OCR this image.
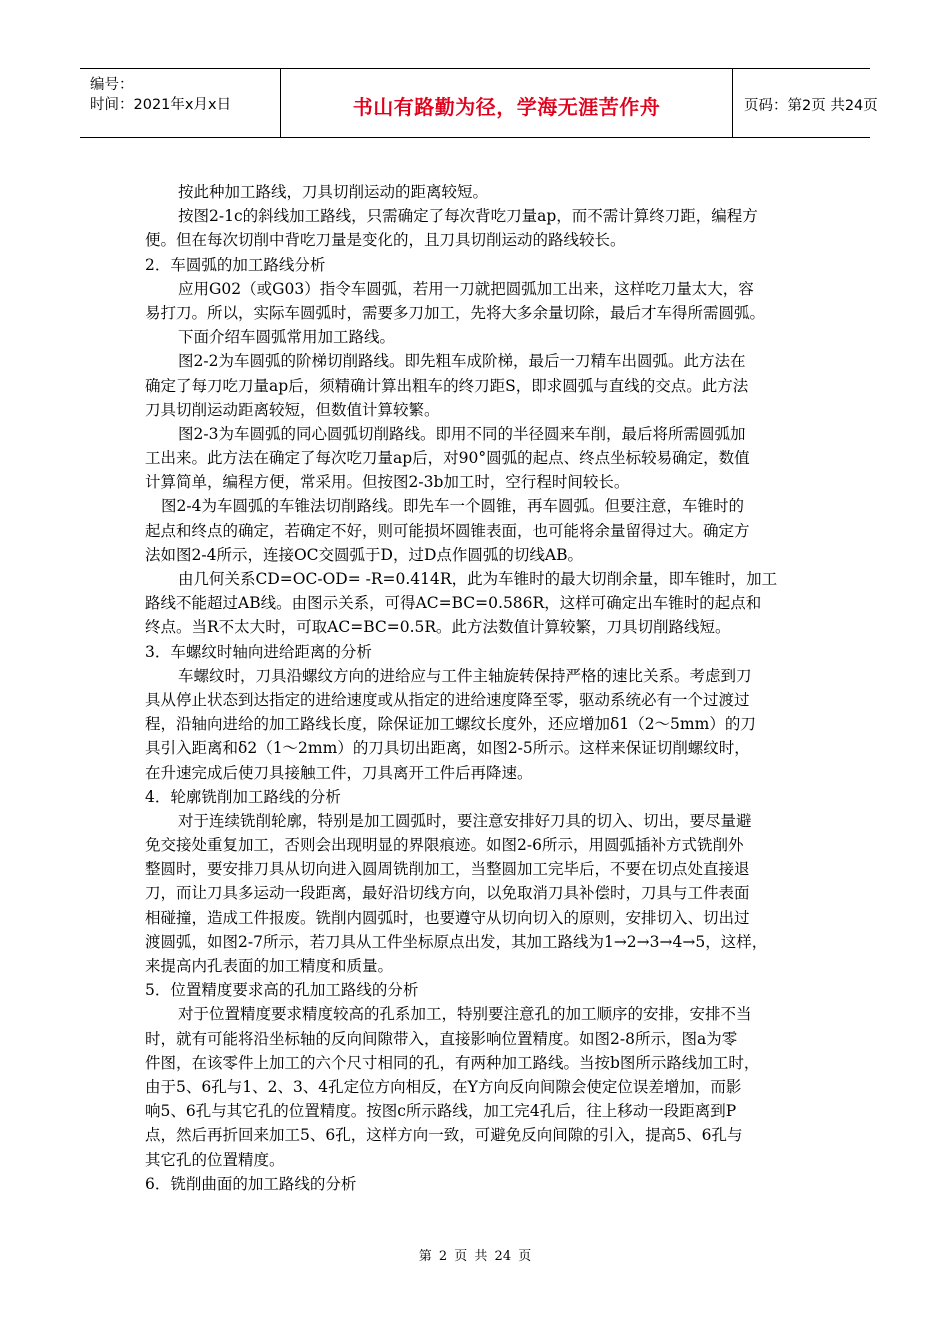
编号：
时间：2021年x月x日	书山有路勤为径，学海无涯苦作舟	页码：第2页 共24页
按此种加工路线，刀具切削运动的距离较短。
按图2-1c的斜线加工路线，只需确定了每次背吃刀量ap，而不需计算终刀距，编程方
便。但在每次切削中背吃刀量是变化的，且刀具切削运动的路线较长。
2．车圆弧的加工路线分析
应用G02（或G03）指令车圆弧，若用一刀就把圆弧加工出来，这样吃刀量太大，容
易打刀。所以，实际车圆弧时，需要多刀加工，先将大多余量切除，最后才车得所需圆弧。
下面介绍车圆弧常用加工路线。
图2-2为车圆弧的阶梯切削路线。即先粗车成阶梯，最后一刀精车出圆弧。此方法在
确定了每刀吃刀量ap后，须精确计算出粗车的终刀距S，即求圆弧与直线的交点。此方法
刀具切削运动距离较短，但数值计算较繁。
图2-3为车圆弧的同心圆弧切削路线。即用不同的半径圆来车削，最后将所需圆弧加
工出来。此方法在确定了每次吃刀量ap后，对90°圆弧的起点、终点坐标较易确定，数值
计算简单，编程方便，常采用。但按图2-3b加工时，空行程时间较长。
图2-4为车圆弧的车锥法切削路线。即先车一个圆锥，再车圆弧。但要注意，车锥时的
起点和终点的确定，若确定不好，则可能损坏圆锥表面，也可能将余量留得过大。确定方
法如图2-4所示，连接OC交圆弧于D，过D点作圆弧的切线AB。
由几何关系CD=OC-OD= -R=0.414R，此为车锥时的最大切削余量，即车锥时，加工
路线不能超过AB线。由图示关系，可得AC=BC=0.586R，这样可确定出车锥时的起点和
终点。当R不太大时，可取AC=BC=0.5R。此方法数值计算较繁，刀具切削路线短。
3．车螺纹时轴向进给距离的分析
车螺纹时，刀具沿螺纹方向的进给应与工件主轴旋转保持严格的速比关系。考虑到刀
具从停止状态到达指定的进给速度或从指定的进给速度降至零，驱动系统必有一个过渡过
程，沿轴向进给的加工路线长度，除保证加工螺纹长度外，还应增加δ1（2～5mm）的刀
具引入距离和δ2（1～2mm）的刀具切出距离，如图2-5所示。这样来保证切削螺纹时，
在升速完成后使刀具接触工件，刀具离开工件后再降速。
4．轮廓铣削加工路线的分析
对于连续铣削轮廓，特别是加工圆弧时，要注意安排好刀具的切入、切出，要尽量避
免交接处重复加工，否则会出现明显的界限痕迹。如图2-6所示，用圆弧插补方式铣削外
整圆时，要安排刀具从切向进入圆周铣削加工，当整圆加工完毕后，不要在切点处直接退
刀，而让刀具多运动一段距离，最好沿切线方向，以免取消刀具补偿时，刀具与工件表面
相碰撞，造成工件报废。铣削内圆弧时，也要遵守从切向切入的原则，安排切入、切出过
渡圆弧，如图2-7所示，若刀具从工件坐标原点出发，其加工路线为1→2→3→4→5，这样，
来提高内孔表面的加工精度和质量。
5．位置精度要求高的孔加工路线的分析
对于位置精度要求精度较高的孔系加工，特别要注意孔的加工顺序的安排，安排不当
时，就有可能将沿坐标轴的反向间隙带入，直接影响位置精度。如图2-8所示，图a为零
件图，在该零件上加工的六个尺寸相同的孔，有两种加工路线。当按b图所示路线加工时，
由于5、6孔与1、2、3、4孔定位方向相反，在Y方向反向间隙会使定位误差增加，而影
响5、6孔与其它孔的位置精度。按图c所示路线，加工完4孔后，往上移动一段距离到P
点，然后再折回来加工5、6孔，这样方向一致，可避免反向间隙的引入，提高5、6孔与
其它孔的位置精度。
6．铣削曲面的加工路线的分析
第 2 页 共 24 页
